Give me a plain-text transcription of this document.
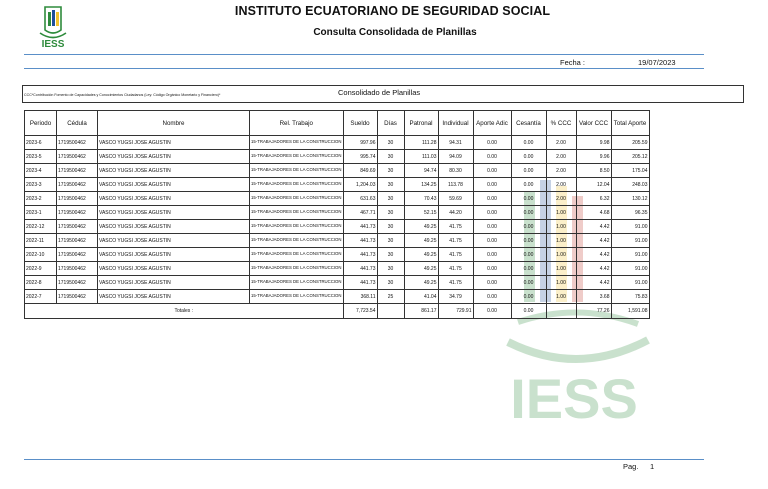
IESS
INSTITUTO ECUATORIANO DE SEGURIDAD SOCIAL
Consulta Consolidada de Planillas
Fecha :	19/07/2023
CCC*Contribución Fomento de Capacidades y Conocimientos Ciudadanos (Ley: Código Orgánico Monetario y Financiero)*	Consolidado de Planillas
IESS
Periodo	Cédula	Nombre	Rel. Trabajo	Sueldo	Días	Patronal	Individual	Aporte Adic	Cesantía	% CCC	Valor CCC	Total Aporte
2023-6	1719500462	VASCO YUGSI JOSE AGUSTIN	15-TRABAJADORES DE LA CONSTRUCCION	997.96	30	111.28	94.31	0.00	0.00	2.00	9.98	205.59
2023-5	1719500462	VASCO YUGSI JOSE AGUSTIN	15-TRABAJADORES DE LA CONSTRUCCION	995.74	30	111.03	94.09	0.00	0.00	2.00	9.96	205.12
2023-4	1719500462	VASCO YUGSI JOSE AGUSTIN	15-TRABAJADORES DE LA CONSTRUCCION	849.69	30	94.74	80.30	0.00	0.00	2.00	8.50	175.04
2023-3	1719500462	VASCO YUGSI JOSE AGUSTIN	15-TRABAJADORES DE LA CONSTRUCCION	1,204.03	30	134.25	113.78	0.00	0.00	2.00	12.04	248.03
2023-2	1719500462	VASCO YUGSI JOSE AGUSTIN	15-TRABAJADORES DE LA CONSTRUCCION	631.63	30	70.43	59.69	0.00	0.00	2.00	6.32	130.12
2023-1	1719500462	VASCO YUGSI JOSE AGUSTIN	15-TRABAJADORES DE LA CONSTRUCCION	467.71	30	52.15	44.20	0.00	0.00	1.00	4.68	96.35
2022-12	1719500462	VASCO YUGSI JOSE AGUSTIN	15-TRABAJADORES DE LA CONSTRUCCION	441.73	30	49.25	41.75	0.00	0.00	1.00	4.42	91.00
2022-11	1719500462	VASCO YUGSI JOSE AGUSTIN	15-TRABAJADORES DE LA CONSTRUCCION	441.73	30	49.25	41.75	0.00	0.00	1.00	4.42	91.00
2022-10	1719500462	VASCO YUGSI JOSE AGUSTIN	15-TRABAJADORES DE LA CONSTRUCCION	441.73	30	49.25	41.75	0.00	0.00	1.00	4.42	91.00
2022-9	1719500462	VASCO YUGSI JOSE AGUSTIN	15-TRABAJADORES DE LA CONSTRUCCION	441.73	30	49.25	41.75	0.00	0.00	1.00	4.42	91.00
2022-8	1719500462	VASCO YUGSI JOSE AGUSTIN	15-TRABAJADORES DE LA CONSTRUCCION	441.73	30	49.25	41.75	0.00	0.00	1.00	4.42	91.00
2022-7	1719500462	VASCO YUGSI JOSE AGUSTIN	15-TRABAJADORES DE LA CONSTRUCCION	368.11	25	41.04	34.79	0.00	0.00	1.00	3.68	75.83
Totales :				7,723.54		861.17	729.91	0.00	0.00		77.26	1,591.08
Pag. 1
